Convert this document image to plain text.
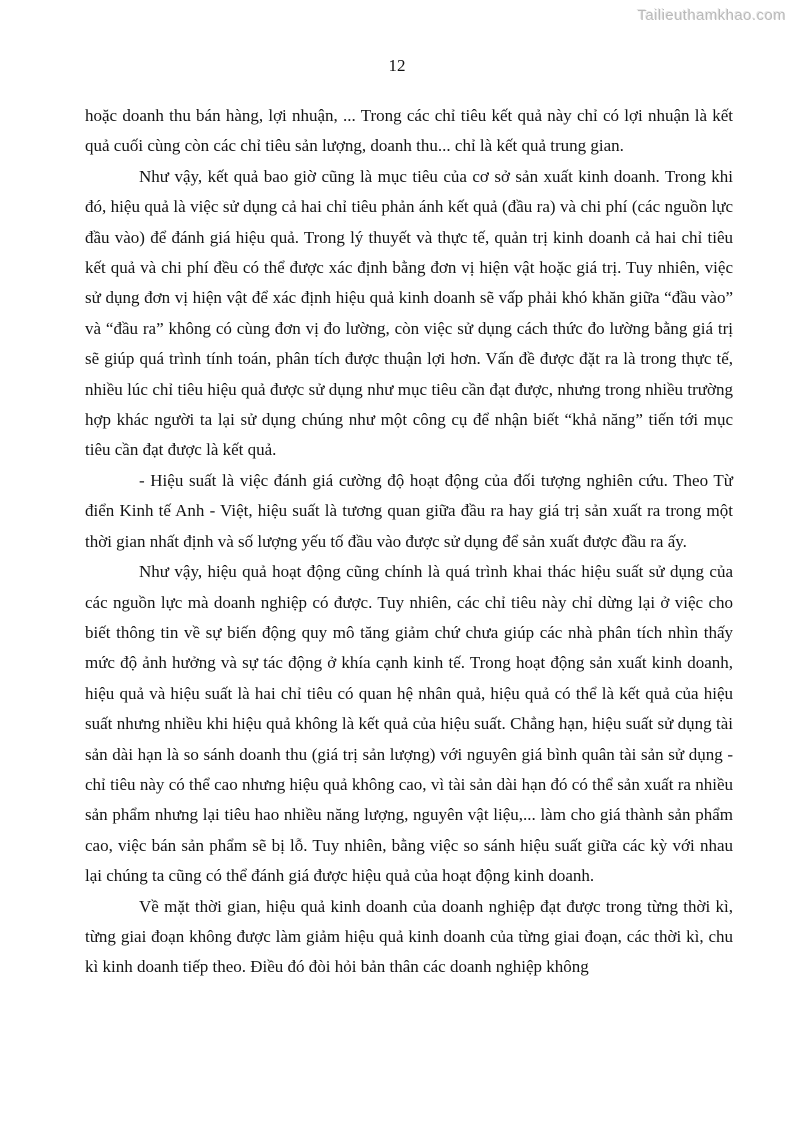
Tailieuthamkhao.com
12

hoặc doanh thu bán hàng, lợi nhuận, ... Trong các chỉ tiêu kết quả này chỉ có lợi nhuận là kết quả cuối cùng còn các chỉ tiêu sản lượng, doanh thu... chỉ là kết quả trung gian.

Như vậy, kết quả bao giờ cũng là mục tiêu của cơ sở sản xuất kinh doanh. Trong khi đó, hiệu quả là việc sử dụng cả hai chỉ tiêu phản ánh kết quả (đầu ra) và chi phí (các nguồn lực đầu vào) để đánh giá hiệu quả. Trong lý thuyết và thực tế, quản trị kinh doanh cả hai chỉ tiêu kết quả và chi phí đều có thể được xác định bằng đơn vị hiện vật hoặc giá trị. Tuy nhiên, việc sử dụng đơn vị hiện vật để xác định hiệu quả kinh doanh sẽ vấp phải khó khăn giữa “đầu vào” và “đầu ra” không có cùng đơn vị đo lường, còn việc sử dụng cách thức đo lường bằng giá trị sẽ giúp quá trình tính toán, phân tích được thuận lợi hơn. Vấn đề được đặt ra là trong thực tế, nhiều lúc chỉ tiêu hiệu quả được sử dụng như mục tiêu cần đạt được, nhưng trong nhiều trường hợp khác người ta lại sử dụng chúng như một công cụ để nhận biết “khả năng” tiến tới mục tiêu cần đạt được là kết quả.

- Hiệu suất là việc đánh giá cường độ hoạt động của đối tượng nghiên cứu. Theo Từ điển Kinh tế Anh - Việt, hiệu suất là tương quan giữa đầu ra hay giá trị sản xuất ra trong một thời gian nhất định và số lượng yếu tố đầu vào được sử dụng để sản xuất được đầu ra ấy.

Như vậy, hiệu quả hoạt động cũng chính là quá trình khai thác hiệu suất sử dụng của các nguồn lực mà doanh nghiệp có được. Tuy nhiên, các chỉ tiêu này chỉ dừng lại ở việc cho biết thông tin về sự biến động quy mô tăng giảm chứ chưa giúp các nhà phân tích nhìn thấy mức độ ảnh hưởng và sự tác động ở khía cạnh kinh tế. Trong hoạt động sản xuất kinh doanh, hiệu quả và hiệu suất là hai chỉ tiêu có quan hệ nhân quả, hiệu quả có thể là kết quả của hiệu suất nhưng nhiều khi hiệu quả không là kết quả của hiệu suất. Chẳng hạn, hiệu suất sử dụng tài sản dài hạn là so sánh doanh thu (giá trị sản lượng) với nguyên giá bình quân tài sản sử dụng - chỉ tiêu này có thể cao nhưng hiệu quả không cao, vì tài sản dài hạn đó có thể sản xuất ra nhiều sản phẩm nhưng lại tiêu hao nhiều năng lượng, nguyên vật liệu,... làm cho giá thành sản phẩm cao, việc bán sản phẩm sẽ bị lỗ. Tuy nhiên, bằng việc so sánh hiệu suất giữa các kỳ với nhau lại chúng ta cũng có thể đánh giá được hiệu quả của hoạt động kinh doanh.

Về mặt thời gian, hiệu quả kinh doanh của doanh nghiệp đạt được trong từng thời kì, từng giai đoạn không được làm giảm hiệu quả kinh doanh của từng giai đoạn, các thời kì, chu kì kinh doanh tiếp theo. Điều đó đòi hỏi bản thân các doanh nghiệp không
